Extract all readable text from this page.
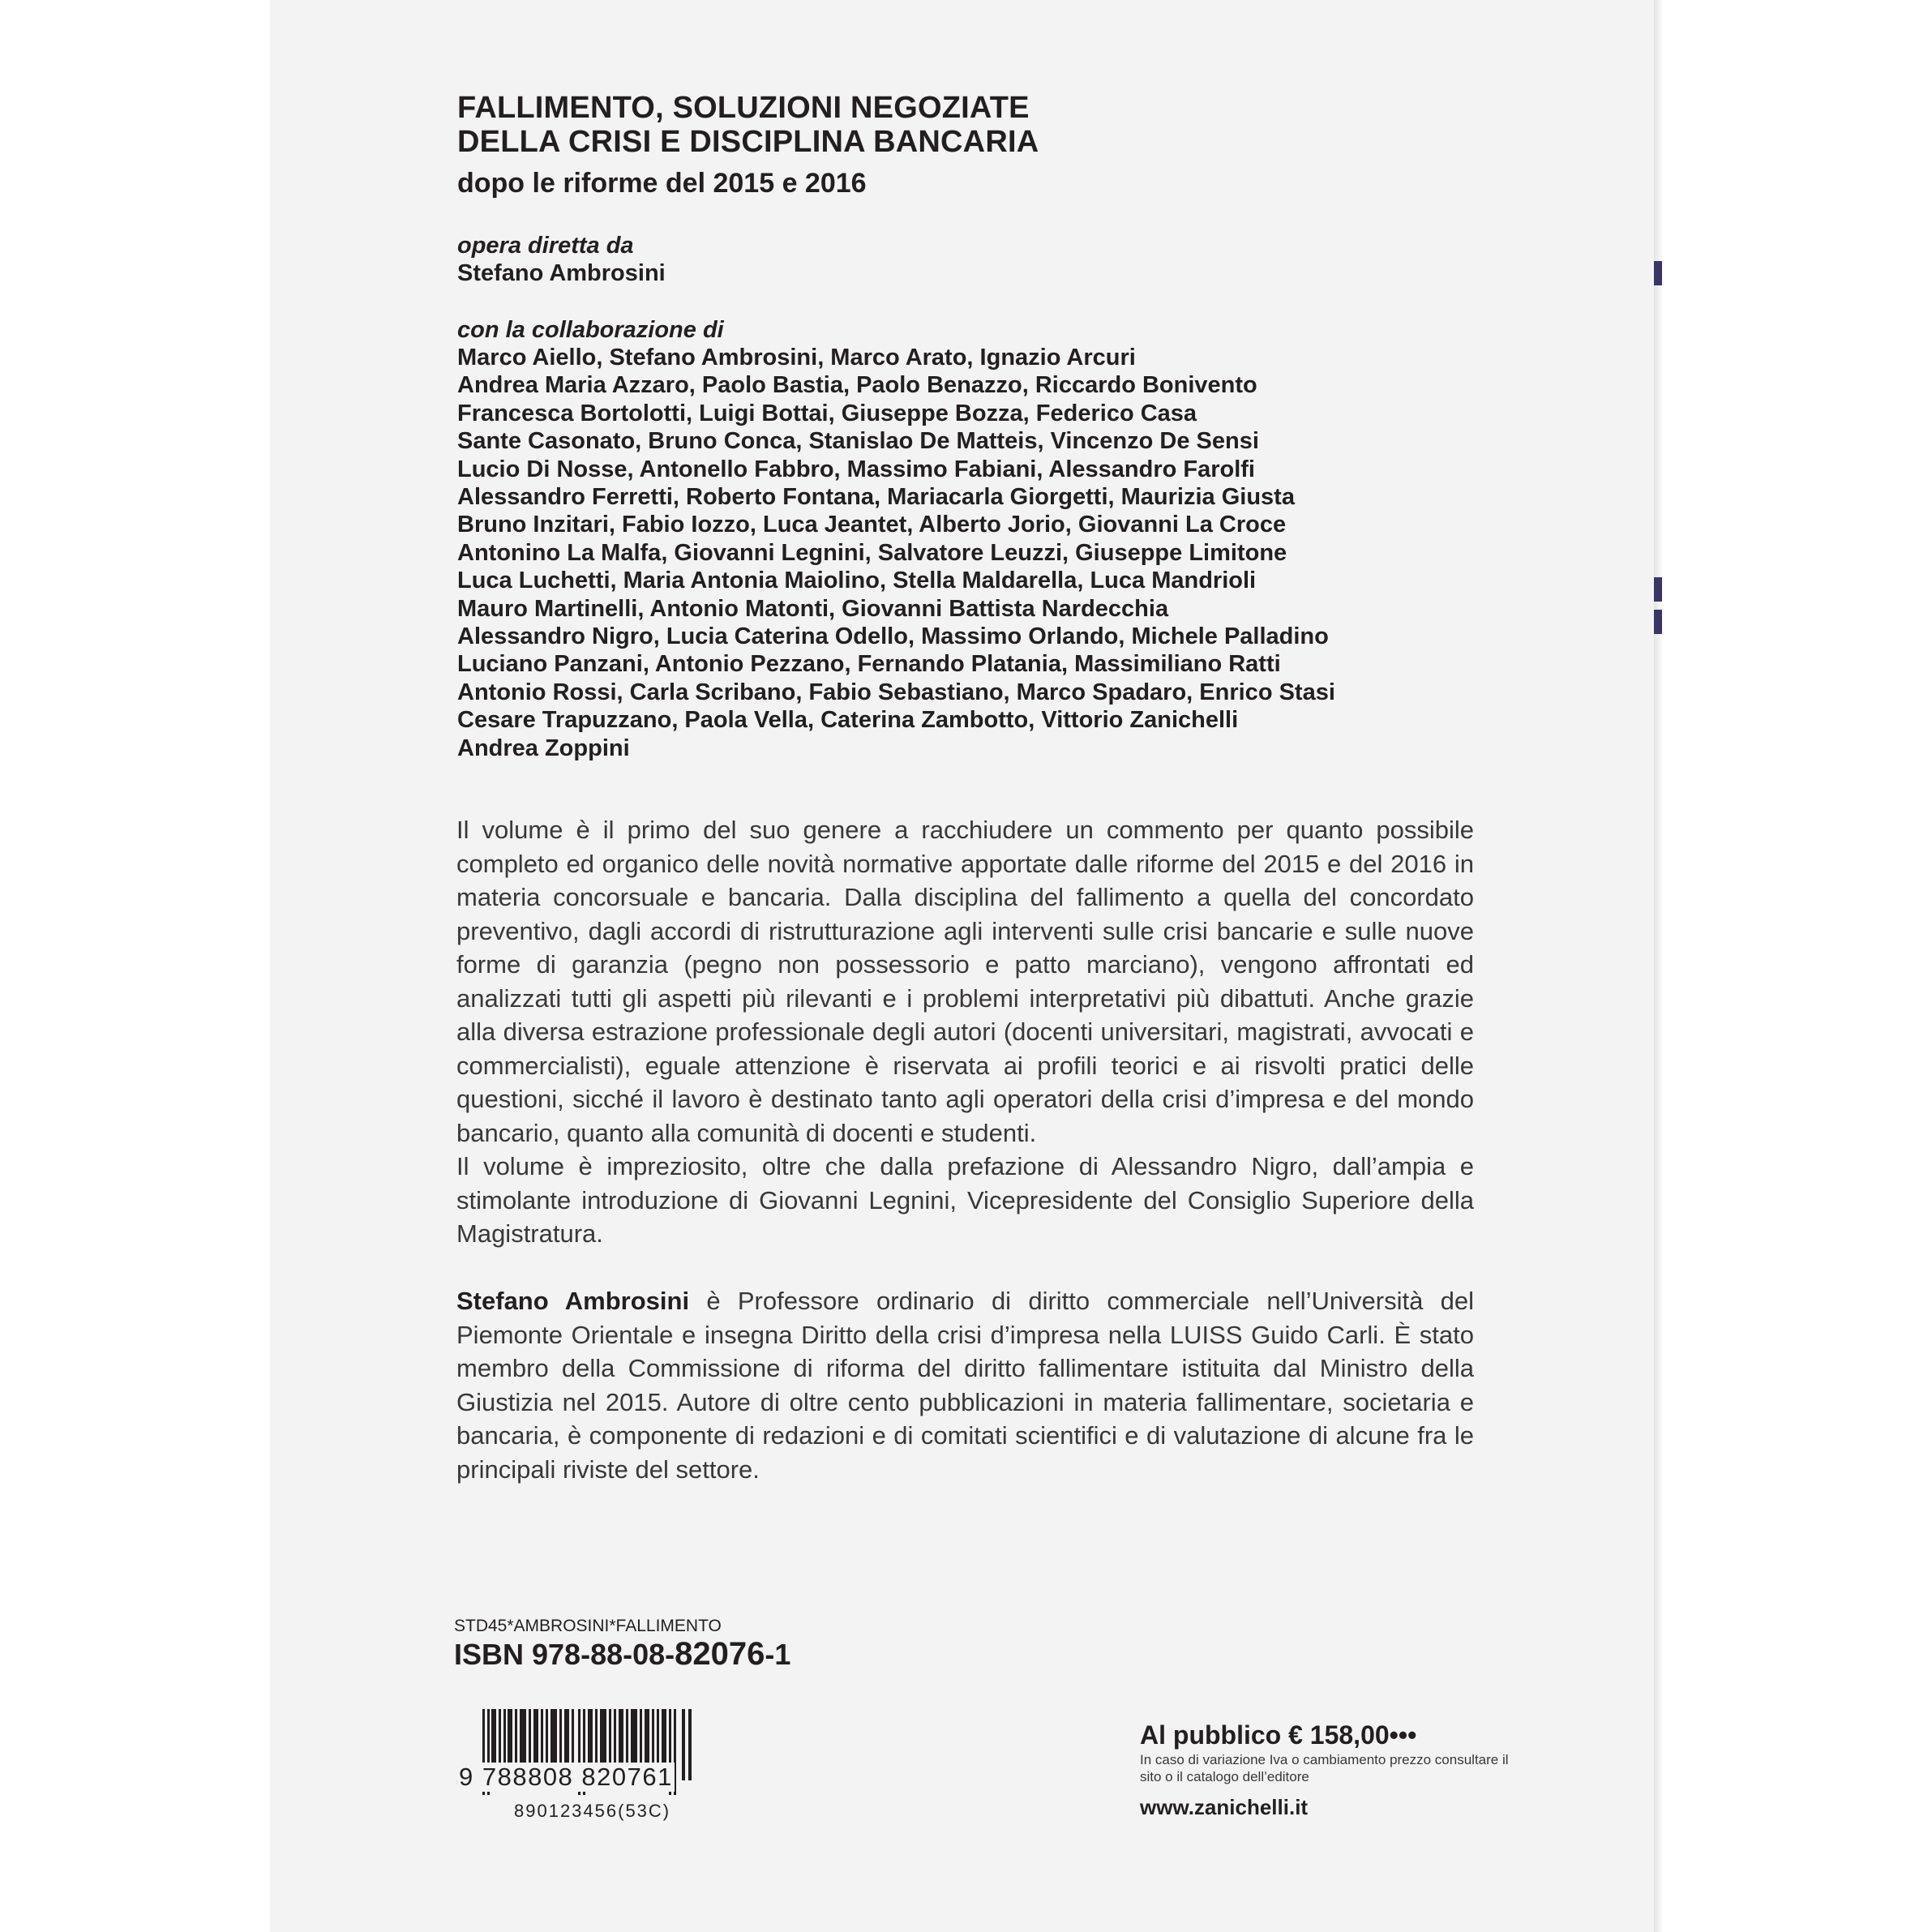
FALLIMENTO, SOLUZIONI NEGOZIATE
DELLA CRISI E DISCIPLINA BANCARIA
dopo le riforme del 2015 e 2016
opera diretta da
Stefano Ambrosini
con la collaborazione di
Marco Aiello, Stefano Ambrosini, Marco Arato, Ignazio Arcuri
Andrea Maria Azzaro, Paolo Bastia, Paolo Benazzo, Riccardo Bonivento
Francesca Bortolotti, Luigi Bottai, Giuseppe Bozza, Federico Casa
Sante Casonato, Bruno Conca, Stanislao De Matteis, Vincenzo De Sensi
Lucio Di Nosse, Antonello Fabbro, Massimo Fabiani, Alessandro Farolfi
Alessandro Ferretti, Roberto Fontana, Mariacarla Giorgetti, Maurizia Giusta
Bruno Inzitari, Fabio Iozzo, Luca Jeantet, Alberto Jorio, Giovanni La Croce
Antonino La Malfa, Giovanni Legnini, Salvatore Leuzzi, Giuseppe Limitone
Luca Luchetti, Maria Antonia Maiolino, Stella Maldarella, Luca Mandrioli
Mauro Martinelli, Antonio Matonti, Giovanni Battista Nardecchia
Alessandro Nigro, Lucia Caterina Odello, Massimo Orlando, Michele Palladino
Luciano Panzani, Antonio Pezzano, Fernando Platania, Massimiliano Ratti
Antonio Rossi, Carla Scribano, Fabio Sebastiano, Marco Spadaro, Enrico Stasi
Cesare Trapuzzano, Paola Vella, Caterina Zambotto, Vittorio Zanichelli
Andrea Zoppini

Il volume è il primo del suo genere a racchiudere un commento per quanto possibile completo ed organico delle novità normative apportate dalle riforme del 2015 e del 2016 in materia concorsuale e bancaria. Dalla disciplina del fallimento a quella del concordato preventivo, dagli accordi di ristrutturazione agli interventi sulle crisi bancarie e sulle nuove forme di garanzia (pegno non possessorio e patto marciano), vengono affrontati ed analizzati tutti gli aspetti più rilevanti e i problemi interpretativi più dibattuti. Anche grazie alla diversa estrazione professionale degli autori (docenti universitari, magistrati, avvocati e commercialisti), eguale attenzione è riservata ai profili teorici e ai risvolti pratici delle questioni, sicché il lavoro è destinato tanto agli operatori della crisi d’impresa e del mondo bancario, quanto alla comunità di docenti e studenti.

Il volume è impreziosito, oltre che dalla prefazione di Alessandro Nigro, dall’ampia e stimolante introduzione di Giovanni Legnini, Vicepresidente del Consiglio Superiore della Magistratura.

Stefano Ambrosini è Professore ordinario di diritto commerciale nell’Università del Piemonte Orientale e insegna Diritto della crisi d’impresa nella LUISS Guido Carli. È stato membro della Commissione di riforma del diritto fallimentare istituita dal Ministro della Giustizia nel 2015. Autore di oltre cento pubblicazioni in materia fallimentare, societaria e bancaria, è componente di redazioni e di comitati scientifici e di valutazione di alcune fra le principali riviste del settore.

STD45*AMBROSINI*FALLIMENTO
ISBN 978-88-08-82076-1
9 788808 820761
890123456(53C)
Al pubblico € 158,00•••
In caso di variazione Iva o cambiamento prezzo consultare il sito o il catalogo dell’editore
www.zanichelli.it
